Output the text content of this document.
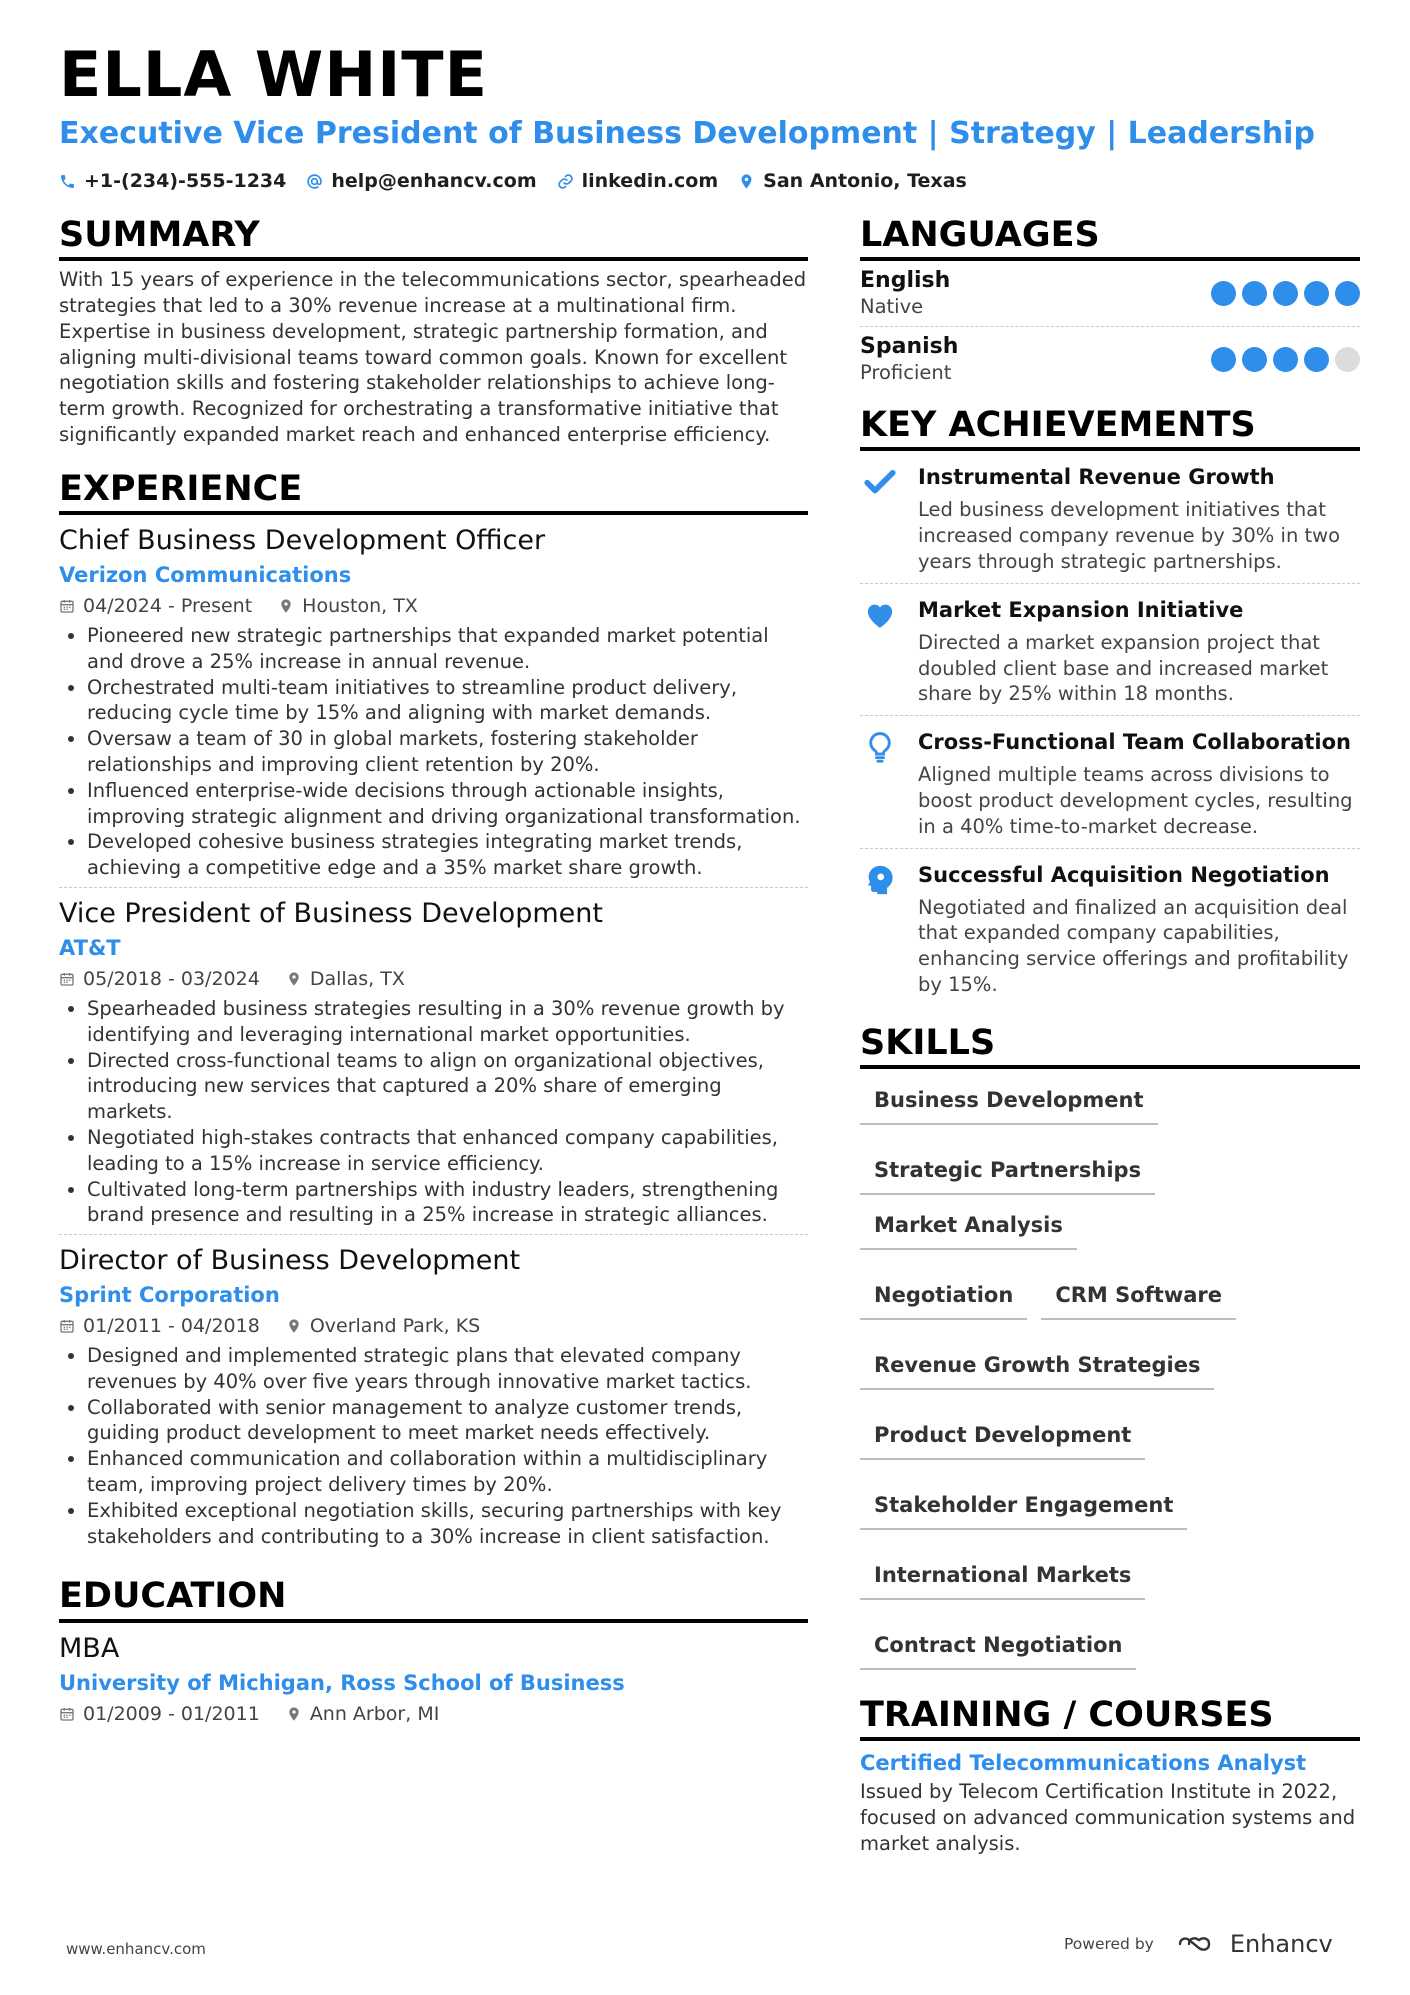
ELLA WHITE
Executive Vice President of Business Development | Strategy | Leadership
+1-(234)-555-1234 help@enhancv.com linkedin.com San Antonio, Texas
SUMMARY
With 15 years of experience in the telecommunications sector, spearheaded strategies that led to a 30% revenue increase at a multinational firm. Expertise in business development, strategic partnership formation, and aligning multi-divisional teams toward common goals. Known for excellent negotiation skills and fostering stakeholder relationships to achieve long-term growth. Recognized for orchestrating a transformative initiative that significantly expanded market reach and enhanced enterprise efficiency.
EXPERIENCE
Chief Business Development Officer
Verizon Communications
04/2024 - Present	Houston, TX
• Pioneered new strategic partnerships that expanded market potential and drove a 25% increase in annual revenue.
• Orchestrated multi-team initiatives to streamline product delivery, reducing cycle time by 15% and aligning with market demands.
• Oversaw a team of 30 in global markets, fostering stakeholder relationships and improving client retention by 20%.
• Influenced enterprise-wide decisions through actionable insights, improving strategic alignment and driving organizational transformation.
• Developed cohesive business strategies integrating market trends, achieving a competitive edge and a 35% market share growth.
Vice President of Business Development
AT&T
05/2018 - 03/2024	Dallas, TX
• Spearheaded business strategies resulting in a 30% revenue growth by identifying and leveraging international market opportunities.
• Directed cross-functional teams to align on organizational objectives, introducing new services that captured a 20% share of emerging markets.
• Negotiated high-stakes contracts that enhanced company capabilities, leading to a 15% increase in service efficiency.
• Cultivated long-term partnerships with industry leaders, strengthening brand presence and resulting in a 25% increase in strategic alliances.
Director of Business Development
Sprint Corporation
01/2011 - 04/2018	Overland Park, KS
• Designed and implemented strategic plans that elevated company revenues by 40% over five years through innovative market tactics.
• Collaborated with senior management to analyze customer trends, guiding product development to meet market needs effectively.
• Enhanced communication and collaboration within a multidisciplinary team, improving project delivery times by 20%.
• Exhibited exceptional negotiation skills, securing partnerships with key stakeholders and contributing to a 30% increase in client satisfaction.
EDUCATION
MBA
University of Michigan, Ross School of Business
01/2009 - 01/2011	Ann Arbor, MI
LANGUAGES
English
Native
Spanish
Proficient
KEY ACHIEVEMENTS
Instrumental Revenue Growth
Led business development initiatives that increased company revenue by 30% in two years through strategic partnerships.
Market Expansion Initiative
Directed a market expansion project that doubled client base and increased market share by 25% within 18 months.
Cross-Functional Team Collaboration
Aligned multiple teams across divisions to boost product development cycles, resulting in a 40% time-to-market decrease.
Successful Acquisition Negotiation
Negotiated and finalized an acquisition deal that expanded company capabilities, enhancing service offerings and profitability by 15%.
SKILLS
Business Development
Strategic Partnerships
Market Analysis
Negotiation	CRM Software
Revenue Growth Strategies
Product Development
Stakeholder Engagement
International Markets
Contract Negotiation
TRAINING / COURSES
Certified Telecommunications Analyst
Issued by Telecom Certification Institute in 2022, focused on advanced communication systems and market analysis.
www.enhancv.com	Powered by	Enhancv
